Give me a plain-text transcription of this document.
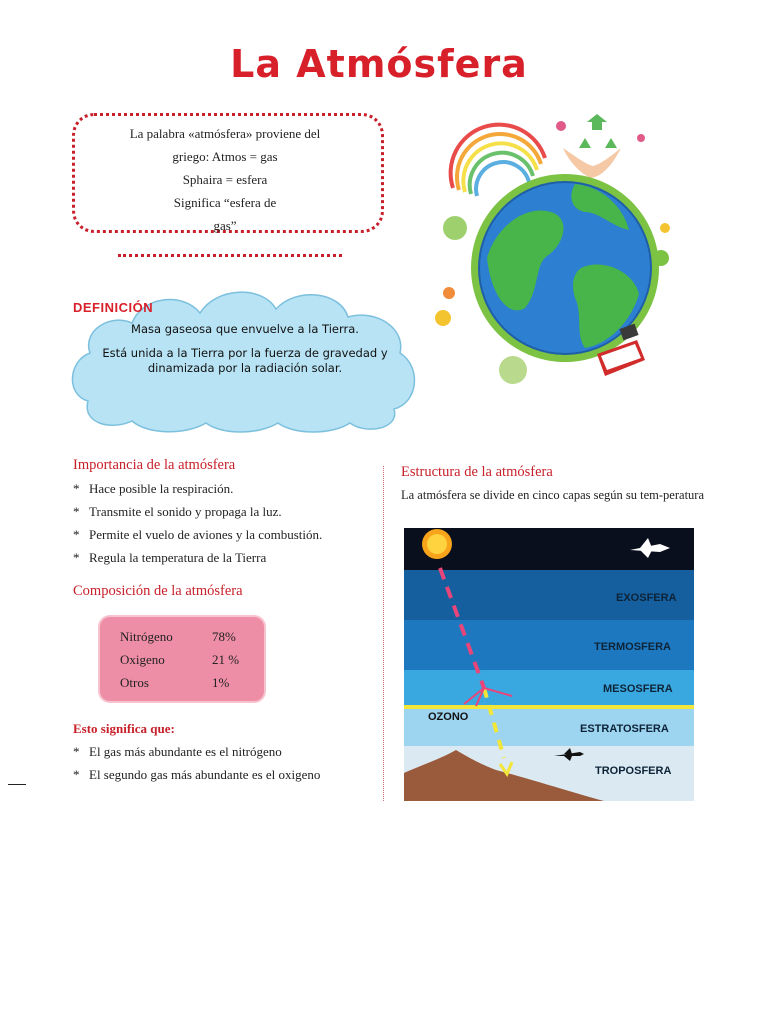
La Atmósfera
La palabra «atmósfera» proviene del
griego: Atmos = gas
Sphaira = esfera
Significa “esfera de
gas”
DEFINICIÓN

Masa gaseosa que envuelve a la Tierra.

Está unida a la Tierra por la fuerza de gravedad y dinamizada por la radiación solar.

Importancia de la atmósfera
* Hace posible la respiración.
* Transmite el sonido y propaga la luz.
* Permite el vuelo de aviones y la combustión.
* Regula la temperatura de la Tierra
Composición de la atmósfera
Nitrógeno	78%
Oxigeno	21 %
Otros	1%
Esto significa que:
* El gas más abundante es el nitrógeno
* El segundo gas más abundante es el oxigeno
Estructura de la atmósfera
La atmósfera se divide en cinco capas según su tem-peratura
OZONO
EXOSFERA
TERMOSFERA
MESOSFERA
ESTRATOSFERA
TROPOSFERA
